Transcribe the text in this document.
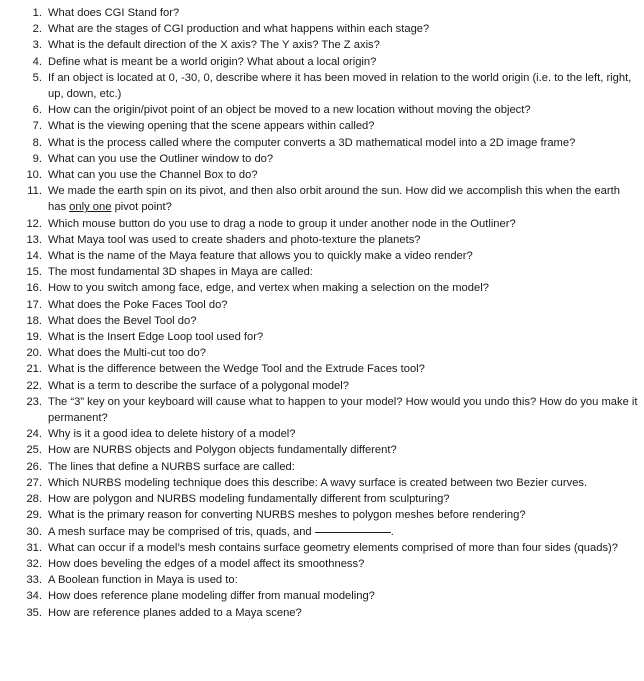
1. What does CGI Stand for?
2. What are the stages of CGI production and what happens within each stage?
3. What is the default direction of the X axis? The Y axis? The Z axis?
4. Define what is meant be a world origin? What about a local origin?
5. If an object is located at 0, -30, 0, describe where it has been moved in relation to the world origin (i.e. to the left, right, up, down, etc.)
6. How can the origin/pivot point of an object be moved to a new location without moving the object?
7. What is the viewing opening that the scene appears within called?
8. What is the process called where the computer converts a 3D mathematical model into a 2D image frame?
9. What can you use the Outliner window to do?
10. What can you use the Channel Box to do?
11. We made the earth spin on its pivot, and then also orbit around the sun. How did we accomplish this when the earth has only one pivot point?
12. Which mouse button do you use to drag a node to group it under another node in the Outliner?
13. What Maya tool was used to create shaders and photo-texture the planets?
14. What is the name of the Maya feature that allows you to quickly make a video render?
15. The most fundamental 3D shapes in Maya are called:
16. How to you switch among face, edge, and vertex when making a selection on the model?
17. What does the Poke Faces Tool do?
18. What does the Bevel Tool do?
19. What is the Insert Edge Loop tool used for?
20. What does the Multi-cut too do?
21. What is the difference between the Wedge Tool and the Extrude Faces tool?
22. What is a term to describe the surface of a polygonal model?
23. The “3” key on your keyboard will cause what to happen to your model? How would you undo this? How do you make it permanent?
24. Why is it a good idea to delete history of a model?
25. How are NURBS objects and Polygon objects fundamentally different?
26. The lines that define a NURBS surface are called:
27. Which NURBS modeling technique does this describe: A wavy surface is created between two Bezier curves.
28. How are polygon and NURBS modeling fundamentally different from sculpturing?
29. What is the primary reason for converting NURBS meshes to polygon meshes before rendering?
30. A mesh surface may be comprised of tris, quads, and	.
31. What can occur if a model’s mesh contains surface geometry elements comprised of more than four sides (quads)?
32. How does beveling the edges of a model affect its smoothness?
33. A Boolean function in Maya is used to:
34. How does reference plane modeling differ from manual modeling?
35. How are reference planes added to a Maya scene?
